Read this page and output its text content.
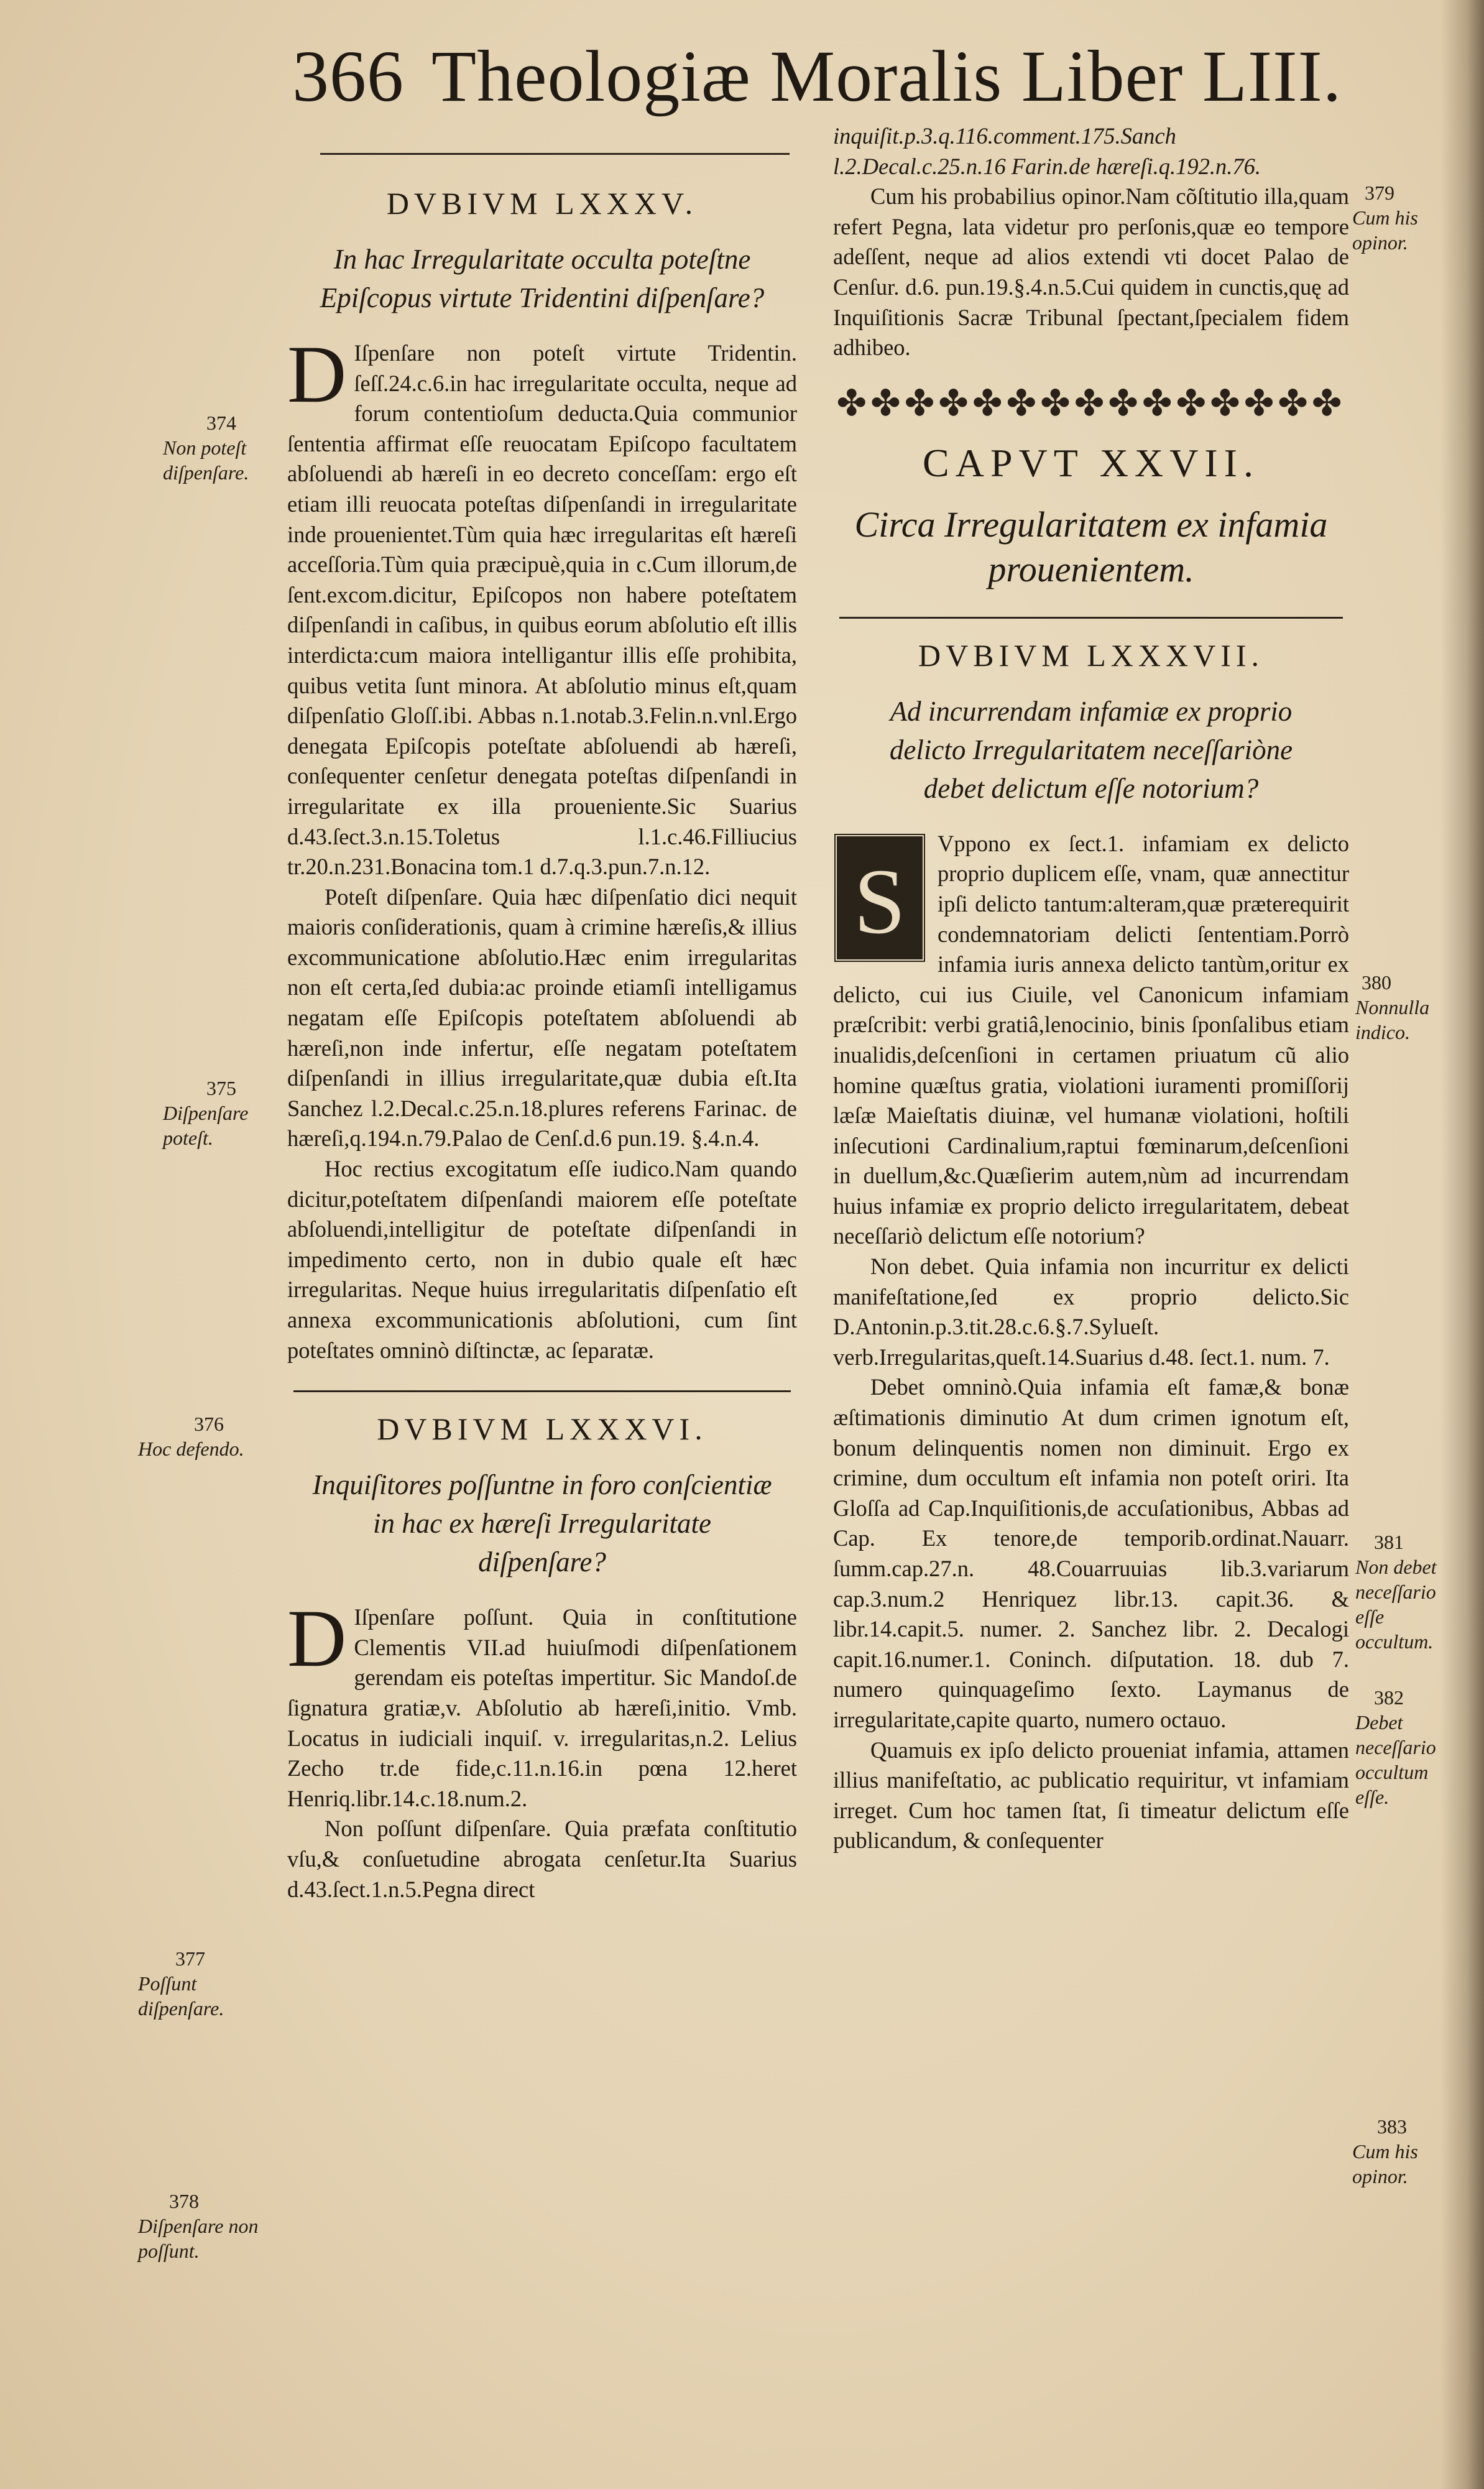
366 Theologiæ Moralis Liber LIII.
DVBIVM LXXXV.
In hac Irregularitate occulta poteſtne Epiſcopus virtute Tridentini diſpenſare?

D Iſpenſare non poteſt virtute Tridentin. ſeſſ.24.c.6.in hac irregularitate occulta, neque ad forum contentioſum deducta.Quia communior ſententia affirmat eſſe reuocatam Epiſcopo facultatem abſoluendi ab hæreſi in eo decreto conceſſam: ergo eſt etiam illi reuocata poteſtas diſpenſandi in irregularitate inde prouenientet.Tùm quia hæc irregularitas eſt hæreſi acceſſoria.Tùm quia præcipuè,quia in c.Cum illorum,de ſent.excom.dicitur, Epiſcopos non habere poteſtatem diſpenſandi in caſibus, in quibus eorum abſolutio eſt illis interdicta:cum maiora intelligantur illis eſſe prohibita, quibus vetita ſunt minora. At abſolutio minus eſt,quam diſpenſatio Gloſſ.ibi. Abbas n.1.notab.3.Felin.n.vnl.Ergo denegata Epiſcopis poteſtate abſoluendi ab hæreſi, conſequenter cenſetur denegata poteſtas diſpenſandi in irregularitate ex illa prouenientе.Sic Suarius d.43.ſect.3.n.15.Toletus l.1.c.46.Filliucius tr.20.n.231.Bonacina tom.1 d.7.q.3.pun.7.n.12.

Poteſt diſpenſare. Quia hæc diſpenſatio dici nequit maioris conſiderationis, quam à crimine hæreſis,& illius excommunicatione abſolutio.Hæc enim irregularitas non eſt certa,ſed dubia:ac proinde etiamſi intelligamus negatam eſſe Epiſcopis poteſtatem abſoluendi ab hæreſi,non inde infertur, eſſe negatam poteſtatem diſpenſandi in illius irregularitate,quæ dubia eſt.Ita Sanchez l.2.Decal.c.25.n.18.plures referens Farinac. de hæreſi,q.194.n.79.Palao de Cenſ.d.6 pun.19. §.4.n.4.

Hoc rectius excogitatum eſſe iudico.Nam quando dicitur,poteſtatem diſpenſandi maiorem eſſe poteſtate abſoluendi,intelligitur de poteſtate diſpenſandi in impedimento certo, non in dubio quale eſt hæc irregularitas. Neque huius irregularitatis diſpenſatio eſt anneхa excommunicationis abſolutioni, cum ſint poteſtates omninò diſtinctæ, ac ſeparatæ.

DVBIVM LXXXVI.
Inquiſitores poſſuntne in foro conſcientiæ in hac ex hæreſi Irregularitate diſpenſare?

D Iſpenſare poſſunt. Quia in conſtitutione Clementis VII.ad huiuſmodi diſpenſationem gerendam eis poteſtas impertitur. Sic Mandoſ.de ſignatura gratiæ,v. Abſolutio ab hæreſi,initio. Vmb. Locatus in iudiciali inquiſ. v. irregularitas,n.2. Lelius Zecho tr.de fide,c.11.n.16.in pœna 12.heret Henriq.libr.14.c.18.num.2.

Non poſſunt diſpenſare. Quia præfata conſtitutio vſu,& conſuetudine abrogata cenſetur.Ita Suarius d.43.ſect.1.n.5.Pegna direct

374
Non poteſt diſpenſare.
375
Diſpenſare poteſt.
376
Hoc defendo.
377
Poſſunt diſpenſare.
378
Diſpenſare non poſſunt.

inquiſit.p.3.q.116.comment.175.Sanch l.2.Decal.c.25.n.16 Farin.de hæreſi.q.192.n.76.

Cum his probabilius opinor.Nam cõſtitutio illa,quam refert Pegna, lata videtur pro perſonis,quæ eo tempore adeſſent, neque ad alios extendi vti docet Palao de Cenſur. d.6. pun.19.§.4.n.5.Cui quidem in cunctis,quę ad Inquiſitionis Sacræ Tribunal ſpectant,ſpecialem fidem adhibeo.

✤✤✤✤✤✤✤✤✤✤✤✤✤✤✤
CAPVT XXVII.
Circa Irregularitatem ex infamia prouenientem.
DVBIVM LXXXVII.
Ad incurrendam infamiæ ex proprio delicto Irregularitatem neceſſariòne debet delictum eſſe notorium?

S
Vppono ex ſect.1. infamiam ex delicto proprio duplicem eſſe, vnam, quæ annectitur ipſi delicto tantum:alteram,quæ præterequirit condemnatoriam delicti ſententiam.Porrò infamia iuris annexa delicto tantùm,oritur ex delicto, cui ius Ciuile, vel Canonicum infamiam præſcribit: verbi gratiâ,lenocinio, binis ſponſalibus etiam inualidis,deſcenſioni in certamen priuatum cũ alio homine quæſtus gratia, violationi iuramenti promiſſorij læſæ Maieſtatis diuinæ, vel humanæ violationi, hoſtili inſecutioni Cardinalium,raptui fœminarum,deſcenſioni in duellum,&c.Quæſierim autem,nùm ad incurrendam huius infamiæ ex proprio delicto irregularitatem, debeat neceſſariò delictum eſſe notorium?

Non debet. Quia infamia non incurritur ex delicti manifeſtatione,ſed ex proprio delicto.Sic D.Antonin.p.3.tit.28.c.6.§.7.Syluеſt. verb.Irregularitas,queſt.14.Suarius d.48. ſect.1. num. 7.

Debet omninò.Quia infamia eſt famæ,& bonæ æſtimationis diminutio At dum crimen ignotum eſt, bonum delinquentis nomen non diminuit. Ergo ex crimine, dum occultum eſt infamia non poteſt oriri. Ita Gloſſa ad Cap.Inquiſitionis,de accuſationibus, Abbas ad Cap. Ex tenore,de temporib.ordinat.Nauarr. ſumm.cap.27.n. 48.Couarruuias lib.3.variarum cap.3.num.2 Henriquez libr.13. capit.36. & libr.14.capit.5. numer. 2. Sanchez libr. 2. Decalogi capit.16.numer.1. Coninch. diſputation. 18. dub 7. numero quinquageſimo ſexto. Laymanus de irregularitate,capite quarto, numero octauo.

Quamuis ex ipſo delicto proueniat infamia, attamen illius manifeſtatio, ac publicatio requiritur, vt infamiam irreget. Cum hoc tamen ſtat, ſi timeatur delictum eſſe publicandum, & conſequenter

379
Cum his opinor.
380
Nonnulla indico.
381
Non debet neceſſario eſſe occultum.
382
Debet neceſſario occultum eſſe.
383
Cum his opinor.
